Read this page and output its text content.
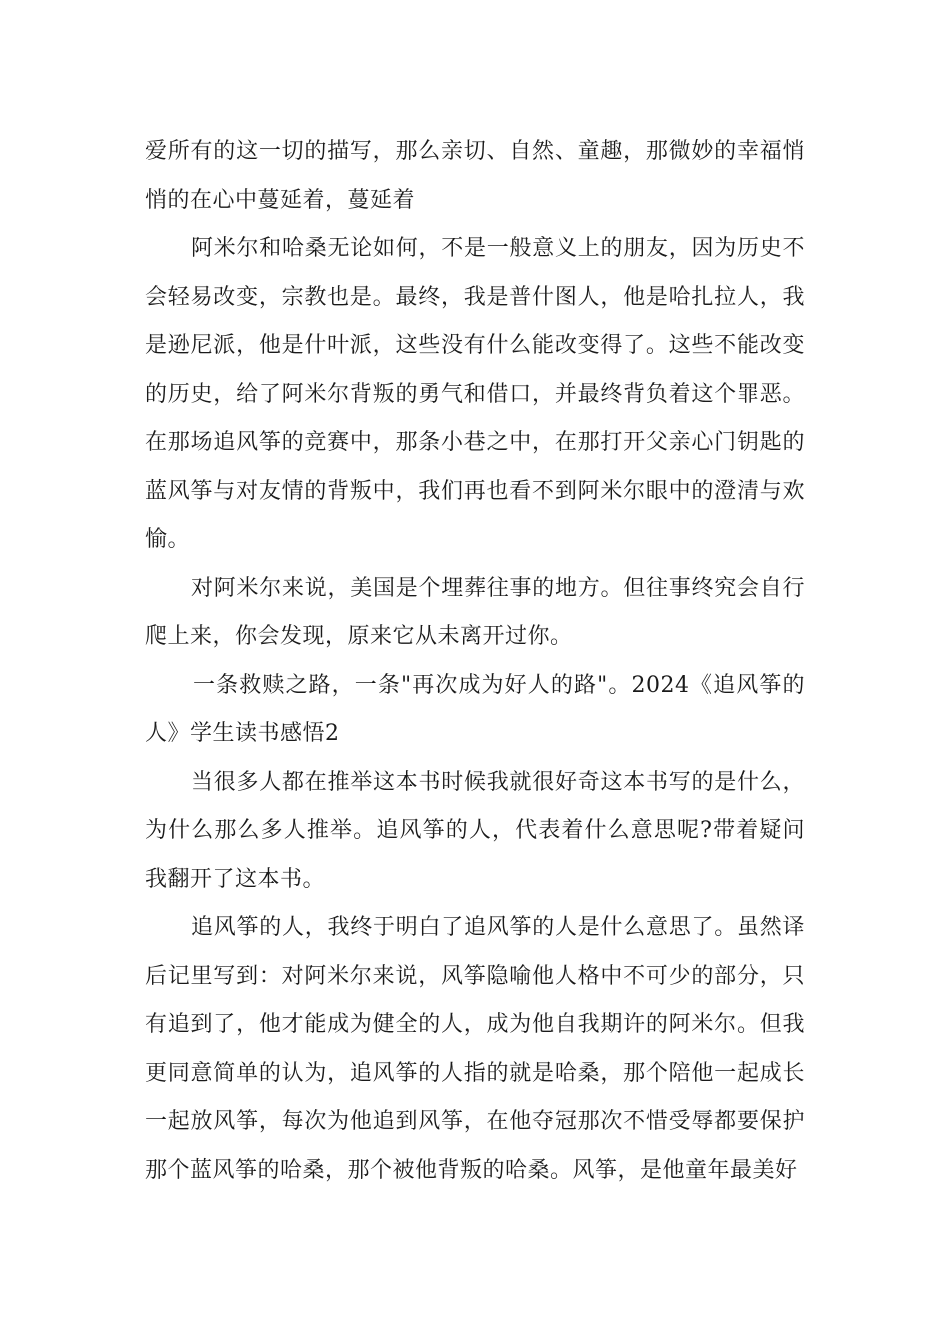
爱所有的这一切的描写，那么亲切、自然、童趣，那微妙的幸福悄悄的在心中蔓延着，蔓延着

阿米尔和哈桑无论如何，不是一般意义上的朋友，因为历史不会轻易改变，宗教也是。最终，我是普什图人，他是哈扎拉人，我是逊尼派，他是什叶派，这些没有什么能改变得了。这些不能改变的历史，给了阿米尔背叛的勇气和借口，并最终背负着这个罪恶。在那场追风筝的竞赛中，那条小巷之中，在那打开父亲心门钥匙的蓝风筝与对友情的背叛中，我们再也看不到阿米尔眼中的澄清与欢愉。

对阿米尔来说，美国是个埋葬往事的地方。但往事终究会自行爬上来，你会发现，原来它从未离开过你。

一条救赎之路，一条"再次成为好人的路"。2024《追风筝的人》学生读书感悟2

当很多人都在推举这本书时候我就很好奇这本书写的是什么，为什么那么多人推举。追风筝的人，代表着什么意思呢?带着疑问我翻开了这本书。

追风筝的人，我终于明白了追风筝的人是什么意思了。虽然译后记里写到：对阿米尔来说，风筝隐喻他人格中不可少的部分，只有追到了，他才能成为健全的人，成为他自我期许的阿米尔。但我更同意简单的认为，追风筝的人指的就是哈桑，那个陪他一起成长一起放风筝，每次为他追到风筝，在他夺冠那次不惜受辱都要保护那个蓝风筝的哈桑，那个被他背叛的哈桑。风筝，是他童年最美好
